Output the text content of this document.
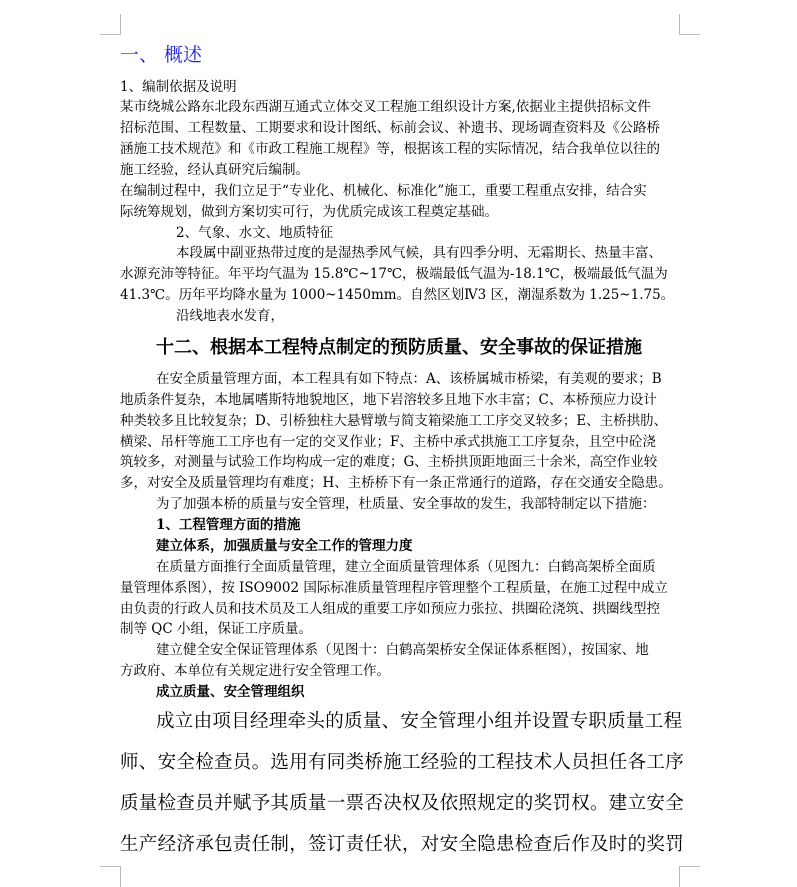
一、 概述
1、编制依据及说明
某市绕城公路东北段东西湖互通式立体交叉工程施工组织设计方案,依据业主提供招标文件
招标范围、工程数量、工期要求和设计图纸、标前会议、补遗书、现场调查资料及《公路桥
涵施工技术规范》和《市政工程施工规程》等，根据该工程的实际情况，结合我单位以往的
施工经验，经认真研究后编制。
在编制过程中，我们立足于“专业化、机械化、标准化”施工，重要工程重点安排，结合实
际统筹规划，做到方案切实可行，为优质完成该工程奠定基础。
2、气象、水文、地质特征
本段属中副亚热带过度的是湿热季风气候，具有四季分明、无霜期长、热量丰富、
水源充沛等特征。年平均气温为 15.8℃~17℃，极端最低气温为-18.1℃，极端最低气温为
41.3℃。历年平均降水量为 1000~1450mm。自然区划Ⅳ3 区，潮湿系数为 1.25~1.75。
沿线地表水发育，
十二、根据本工程特点制定的预防质量、安全事故的保证措施
在安全质量管理方面，本工程具有如下特点：A、该桥属城市桥梁，有美观的要求；B
地质条件复杂，本地属嗜斯特地貌地区，地下岩溶较多且地下水丰富；C、本桥预应力设计
种类较多且比较复杂；D、引桥独柱大悬臂墩与简支箱梁施工工序交叉较多；E、主桥拱肋、
横梁、吊杆等施工工序也有一定的交叉作业；F、主桥中承式拱施工工序复杂，且空中砼浇
筑较多，对测量与试验工作均构成一定的难度；G、主桥拱顶距地面三十余米，高空作业较
多，对安全及质量管理均有难度；H、主桥桥下有一条正常通行的道路，存在交通安全隐患。
为了加强本桥的质量与安全管理，杜质量、安全事故的发生，我部特制定以下措施：
1、工程管理方面的措施
建立体系，加强质量与安全工作的管理力度
在质量方面推行全面质量管理，建立全面质量管理体系（见图九：白鹤高架桥全面质
量管理体系图），按 ISO9002 国际标准质量管理程序管理整个工程质量，在施工过程中成立
由负责的行政人员和技术员及工人组成的重要工序如预应力张拉、拱圈砼浇筑、拱圈线型控
制等 QC 小组，保证工序质量。
建立健全安全保证管理体系（见图十：白鹤高架桥安全保证体系框图），按国家、地
方政府、本单位有关规定进行安全管理工作。
成立质量、安全管理组织
成立由项目经理牵头的质量、安全管理小组并设置专职质量工程
师、安全检查员。选用有同类桥施工经验的工程技术人员担任各工序
质量检查员并赋予其质量一票否决权及依照规定的奖罚权。建立安全
生产经济承包责任制，签订责任状，对安全隐患检查后作及时的奖罚
